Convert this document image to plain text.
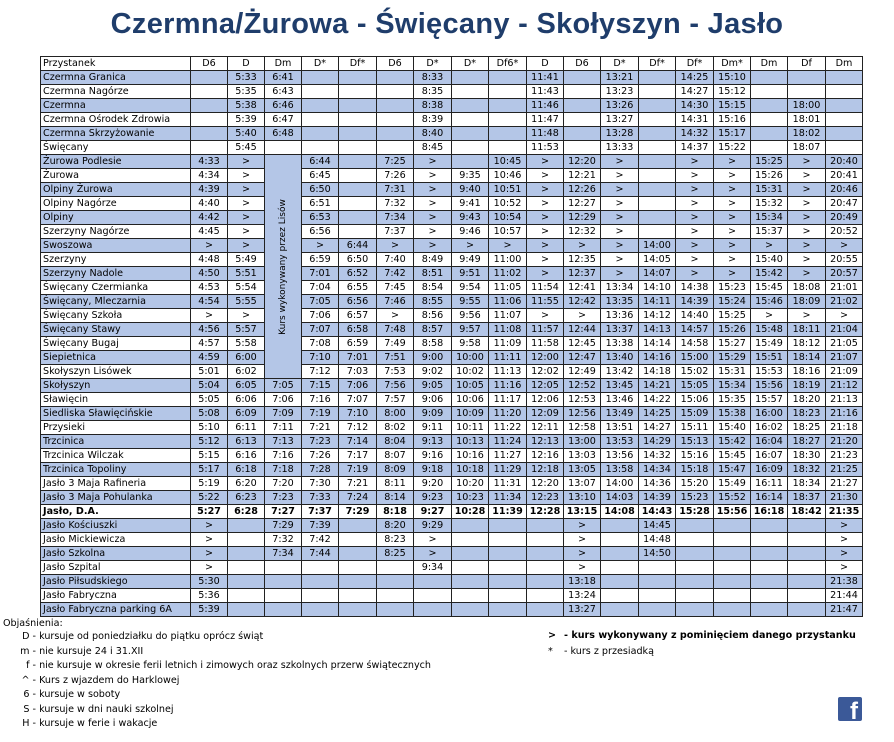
Czermna/Żurowa - Święcany - Skołyszyn - Jasło
Przystanek	D6	D	Dm	D*	Df*	D6	D*	D*	Df6*	D	D6	D*	Df*	Df*	Dm*	Dm	Df	Dm
Czermna Granica		5:33	6:41				8:33			11:41		13:21		14:25	15:10			
Czermna Nagórze		5:35	6:43				8:35			11:43		13:23		14:27	15:12			
Czermna		5:38	6:46				8:38			11:46		13:26		14:30	15:15		18:00	
Czermna Ośrodek Zdrowia		5:39	6:47				8:39			11:47		13:27		14:31	15:16		18:01	
Czermna Skrzyżowanie		5:40	6:48				8:40			11:48		13:28		14:32	15:17		18:02	
Święcany		5:45					8:45			11:53		13:33		14:37	15:22		18:07	
Żurowa Podlesie	4:33	>	Kurs wykonywany przez Lisów	6:44		7:25	>		10:45	>	12:20	>		>	>	15:25	>	20:40
Żurowa	4:34	>		6:45		7:26	>	9:35	10:46	>	12:21	>		>	>	15:26	>	20:41
Olpiny Żurowa	4:39	>		6:50		7:31	>	9:40	10:51	>	12:26	>		>	>	15:31	>	20:46
Olpiny Nagórze	4:40	>		6:51		7:32	>	9:41	10:52	>	12:27	>		>	>	15:32	>	20:47
Olpiny	4:42	>		6:53		7:34	>	9:43	10:54	>	12:29	>		>	>	15:34	>	20:49
Szerzyny Nagórze	4:45	>		6:56		7:37	>	9:46	10:57	>	12:32	>		>	>	15:37	>	20:52
Swoszowa	>	>		>	6:44	>	>	>	>	>	>	>	14:00	>	>	>	>	>
Szerzyny	4:48	5:49		6:59	6:50	7:40	8:49	9:49	11:00	>	12:35	>	14:05	>	>	15:40	>	20:55
Szerzyny Nadole	4:50	5:51		7:01	6:52	7:42	8:51	9:51	11:02	>	12:37	>	14:07	>	>	15:42	>	20:57
Święcany Czermianka	4:53	5:54		7:04	6:55	7:45	8:54	9:54	11:05	11:54	12:41	13:34	14:10	14:38	15:23	15:45	18:08	21:01
Święcany, Mleczarnia	4:54	5:55		7:05	6:56	7:46	8:55	9:55	11:06	11:55	12:42	13:35	14:11	14:39	15:24	15:46	18:09	21:02
Święcany Szkoła	>	>		7:06	6:57	>	8:56	9:56	11:07	>	>	13:36	14:12	14:40	15:25	>	>	>
Święcany Stawy	4:56	5:57		7:07	6:58	7:48	8:57	9:57	11:08	11:57	12:44	13:37	14:13	14:57	15:26	15:48	18:11	21:04
Święcany Bugaj	4:57	5:58		7:08	6:59	7:49	8:58	9:58	11:09	11:58	12:45	13:38	14:14	14:58	15:27	15:49	18:12	21:05
Siepietnica	4:59	6:00		7:10	7:01	7:51	9:00	10:00	11:11	12:00	12:47	13:40	14:16	15:00	15:29	15:51	18:14	21:07
Skołyszyn Lisówek	5:01	6:02		7:12	7:03	7:53	9:02	10:02	11:13	12:02	12:49	13:42	14:18	15:02	15:31	15:53	18:16	21:09
Skołyszyn	5:04	6:05	7:05	7:15	7:06	7:56	9:05	10:05	11:16	12:05	12:52	13:45	14:21	15:05	15:34	15:56	18:19	21:12
Sławięcin	5:05	6:06	7:06	7:16	7:07	7:57	9:06	10:06	11:17	12:06	12:53	13:46	14:22	15:06	15:35	15:57	18:20	21:13
Siedliska Sławięcińskie	5:08	6:09	7:09	7:19	7:10	8:00	9:09	10:09	11:20	12:09	12:56	13:49	14:25	15:09	15:38	16:00	18:23	21:16
Przysieki	5:10	6:11	7:11	7:21	7:12	8:02	9:11	10:11	11:22	12:11	12:58	13:51	14:27	15:11	15:40	16:02	18:25	21:18
Trzcinica	5:12	6:13	7:13	7:23	7:14	8:04	9:13	10:13	11:24	12:13	13:00	13:53	14:29	15:13	15:42	16:04	18:27	21:20
Trzcinica Wilczak	5:15	6:16	7:16	7:26	7:17	8:07	9:16	10:16	11:27	12:16	13:03	13:56	14:32	15:16	15:45	16:07	18:30	21:23
Trzcinica Topoliny	5:17	6:18	7:18	7:28	7:19	8:09	9:18	10:18	11:29	12:18	13:05	13:58	14:34	15:18	15:47	16:09	18:32	21:25
Jasło 3 Maja Rafineria	5:19	6:20	7:20	7:30	7:21	8:11	9:20	10:20	11:31	12:20	13:07	14:00	14:36	15:20	15:49	16:11	18:34	21:27
Jasło 3 Maja Pohulanka	5:22	6:23	7:23	7:33	7:24	8:14	9:23	10:23	11:34	12:23	13:10	14:03	14:39	15:23	15:52	16:14	18:37	21:30
Jasło, D.A.	5:27	6:28	7:27	7:37	7:29	8:18	9:27	10:28	11:39	12:28	13:15	14:08	14:43	15:28	15:56	16:18	18:42	21:35
Jasło Kościuszki	>		7:29	7:39		8:20	9:29				>		14:45					>
Jasło Mickiewicza	>		7:32	7:42		8:23	>				>		14:48					>
Jasło Szkolna	>		7:34	7:44		8:25	>				>		14:50					>
Jasło Szpital	>						9:34				>							>
Jasło Piłsudskiego	5:30										13:18							21:38
Jasło Fabryczna	5:36										13:24							21:44
Jasło Fabryczna parking 6A	5:39										13:27							21:47
Objaśnienia:
D - kursuje od poniedziałku do piątku oprócz świąt
m - nie kursuje 24 i 31.XII
f - nie kursuje w okresie ferii letnich i zimowych oraz szkolnych przerw świątecznych
^ - Kurs z wjazdem do Harklowej
6 - kursuje w soboty
S - kursuje w dni nauki szkolnej
H - kursuje w ferie i wakacje
> - kurs wykonywany z pominięciem danego przystanku
* - kurs z przesiadką
f
